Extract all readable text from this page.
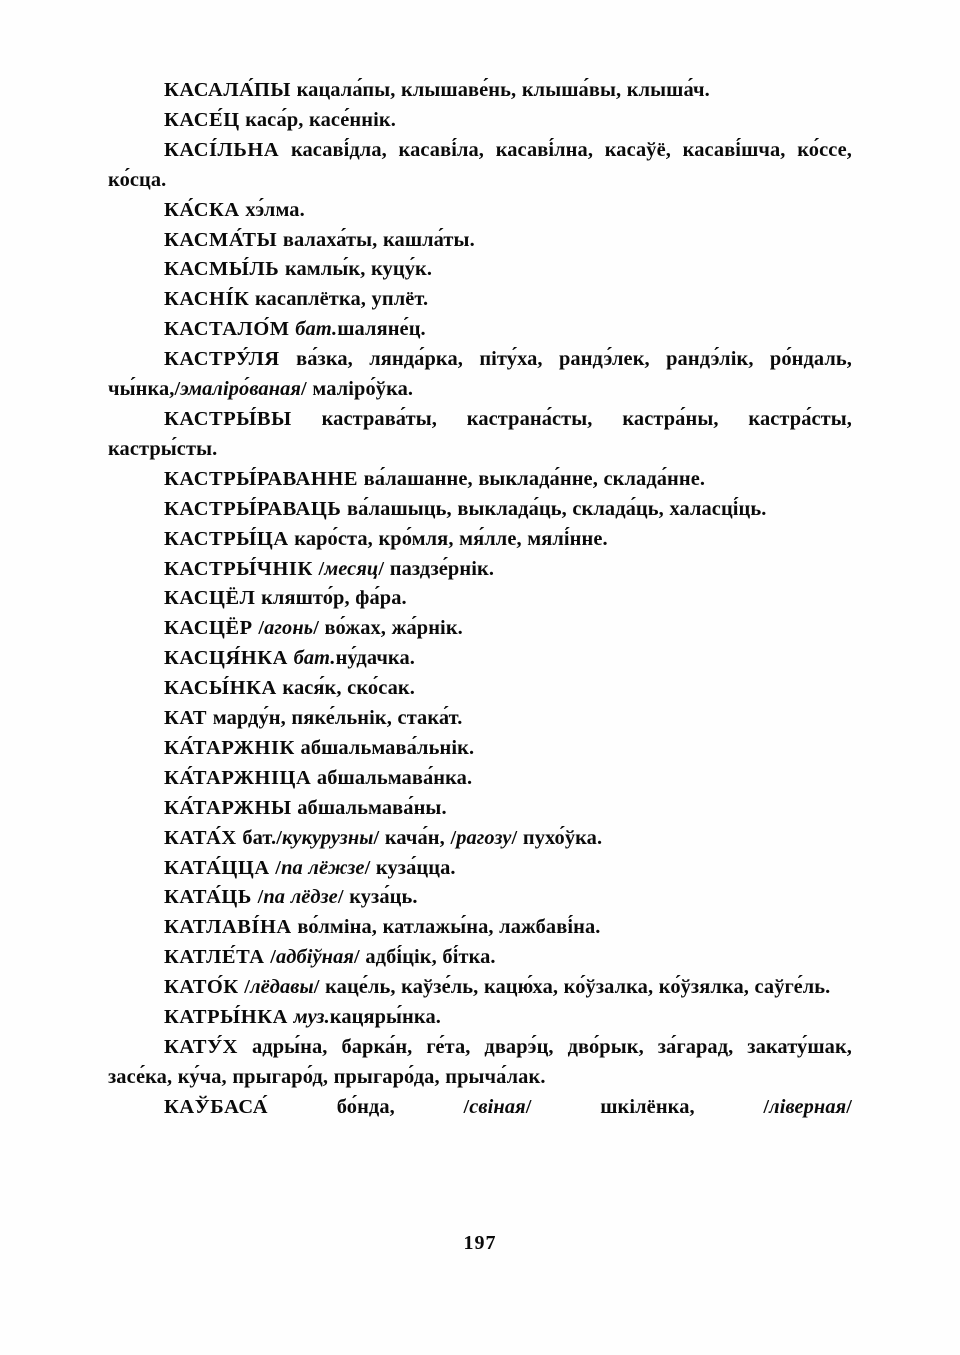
КАСАЛА́ПЫ кацала́пы, клышаве́нь, клыша́вы, клыша́ч.

КАСЕ́Ц каса́р, касе́ннік.

КАСІ́ЛЬНА касаві́дла, касаві́ла, касаві́лна, касаўё, касаві́шча, ко́ссе, ко́сца.

КА́СКА хэ́лма.

КАСМА́ТЫ валаха́ты, кашла́ты.

КАСМЫ́ЛЬ камлы́к, куцу́к.

КАСНІ́К касаплётка, уплёт.

КАСТАЛО́М бат.шаляне́ц.

КАСТРУ́ЛЯ ва́зка, лянда́рка, піту́ха, рандэ́лек, рандэ́лік, ро́ндаль, чы́нка,/эмаліро́ваная/ маліро́ўка.

КАСТРЫ́ВЫ кастрава́ты, кастрана́сты, кастра́ны, кастра́сты, кастры́сты.

КАСТРЫ́РАВАННЕ ва́лашанне, выклада́нне, склада́нне.

КАСТРЫ́РАВАЦЬ ва́лашыць, выклада́ць, склада́ць, халасці́ць.

КАСТРЫ́ЦА каро́ста, кро́мля, мя́лле, мялі́нне.

КАСТРЫ́ЧНІК /месяц/ паздзе́рнік.

КАСЦЁЛ кляшто́р, фа́ра.

КАСЦЁР /агонь/ во́жах, жа́рнік.

КАСЦЯ́НКА бат.ну́дачка.

КАСЫ́НКА кася́к, ско́сак.

КАТ марду́н, пяке́льнік, стака́т.

КА́ТАРЖНІК абшальмава́льнік.

КА́ТАРЖНІЦА абшальмава́нка.

КА́ТАРЖНЫ абшальмава́ны.

КАТА́Х бат./кукурузны/ кача́н, /рагозу/ пухо́ўка.

КАТА́ЦЦА /па лёжзе/ куза́цца.

КАТА́ЦЬ /па лёдзе/ куза́ць.

КАТЛАВІ́НА во́лміна, катлажы́на, лажбаві́на.

КАТЛЕ́ТА /адбіўная/ адбі́цік, бі́тка.

КАТО́К /лёдавы/ каце́ль, каўзе́ль, кацю́ха, ко́ўзалка, ко́ўзялка, саўге́ль.

КАТРЫ́НКА муз.кацяры́нка.

КАТУ́Х адры́на, барка́н, ге́та, дварэ́ц, дво́рык, за́гарад, закату́шак, засе́ка, ку́ча, прыгаро́д, прыгаро́да, прыча́лак.

КАЎБАСА́ бо́нда, /свіная/ шкілёнка, /ліверная/

197
